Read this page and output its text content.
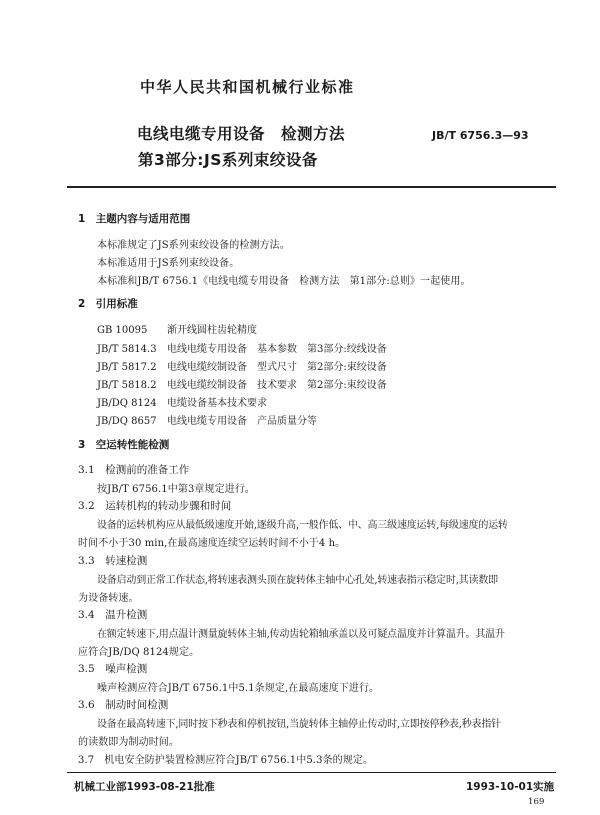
中华人民共和国机械行业标准
电线电缆专用设备　检测方法
第3部分:JS系列束绞设备
JB/T 6756.3—93
1　主题内容与适用范围
本标准规定了JS系列束绞设备的检测方法。
本标准适用于JS系列束绞设备。
本标准和JB/T 6756.1《电线电缆专用设备　检测方法　第1部分:总则》一起使用。
2　引用标准
GB 10095 渐开线圆柱齿轮精度
JB/T 5814.3 电线电缆专用设备　基本参数　第3部分:绞线设备
JB/T 5817.2 电线电缆绞制设备　型式尺寸　第2部分:束绞设备
JB/T 5818.2 电线电缆绞制设备　技术要求　第2部分:束绞设备
JB/DQ 8124 电缆设备基本技术要求
JB/DQ 8657 电线电缆专用设备　产品质量分等
3　空运转性能检测
3.1　检测前的准备工作
按JB/T 6756.1中第3章规定进行。
3.2　运转机构的转动步骤和时间
设备的运转机构应从最低级速度开始,逐级升高,一般作低、中、高三级速度运转,每级速度的运转
时间不小于30 min,在最高速度连续空运转时间不小于4 h。
3.3　转速检测
设备启动到正常工作状态,将转速表测头顶在旋转体主轴中心孔处,转速表指示稳定时,其读数即
为设备转速。
3.4　温升检测
在额定转速下,用点温计测量旋转体主轴,传动齿轮箱轴承盖以及可疑点温度并计算温升。其温升
应符合JB/DQ 8124规定。
3.5　噪声检测
噪声检测应符合JB/T 6756.1中5.1条规定,在最高速度下进行。
3.6　制动时间检测
设备在最高转速下,同时按下秒表和停机按钮,当旋转体主轴停止传动时,立即按停秒表,秒表指针
的读数即为制动时间。
3.7　机电安全防护装置检测应符合JB/T 6756.1中5.3条的规定。
机械工业部1993-08-21批准	1993-10-01实施
169
